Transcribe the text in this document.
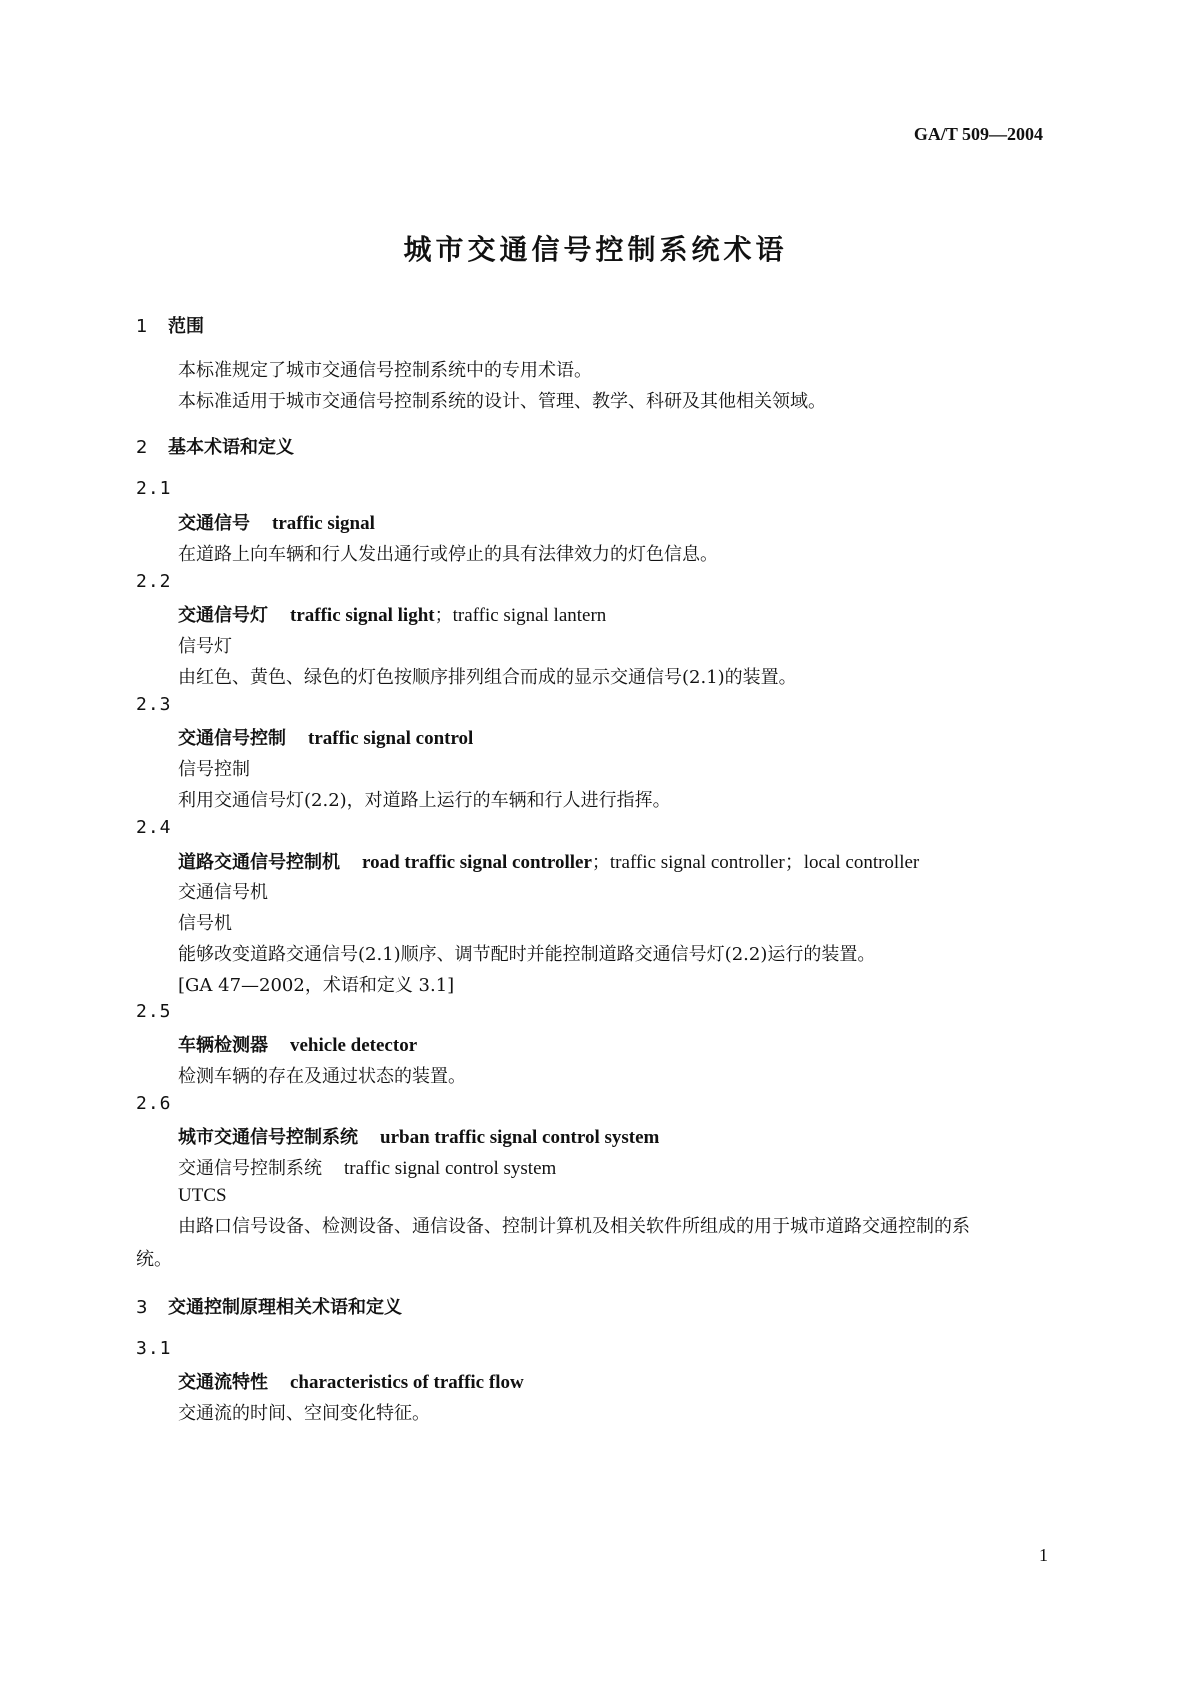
GA/T 509—2004
城市交通信号控制系统术语
1 范围
本标准规定了城市交通信号控制系统中的专用术语。
本标准适用于城市交通信号控制系统的设计、管理、教学、科研及其他相关领域。
2 基本术语和定义
2.1
交通信号 traffic signal
在道路上向车辆和行人发出通行或停止的具有法律效力的灯色信息。
2.2
交通信号灯 traffic signal light；traffic signal lantern
信号灯
由红色、黄色、绿色的灯色按顺序排列组合而成的显示交通信号(2.1)的装置。
2.3
交通信号控制 traffic signal control
信号控制
利用交通信号灯(2.2)，对道路上运行的车辆和行人进行指挥。
2.4
道路交通信号控制机 road traffic signal controller；traffic signal controller；local controller
交通信号机
信号机
能够改变道路交通信号(2.1)顺序、调节配时并能控制道路交通信号灯(2.2)运行的装置。
[GA 47—2002，术语和定义 3.1]
2.5
车辆检测器 vehicle detector
检测车辆的存在及通过状态的装置。
2.6
城市交通信号控制系统 urban traffic signal control system
交通信号控制系统 traffic signal control system
UTCS
由路口信号设备、检测设备、通信设备、控制计算机及相关软件所组成的用于城市道路交通控制的系统。
3 交通控制原理相关术语和定义
3.1
交通流特性 characteristics of traffic flow
交通流的时间、空间变化特征。
1
